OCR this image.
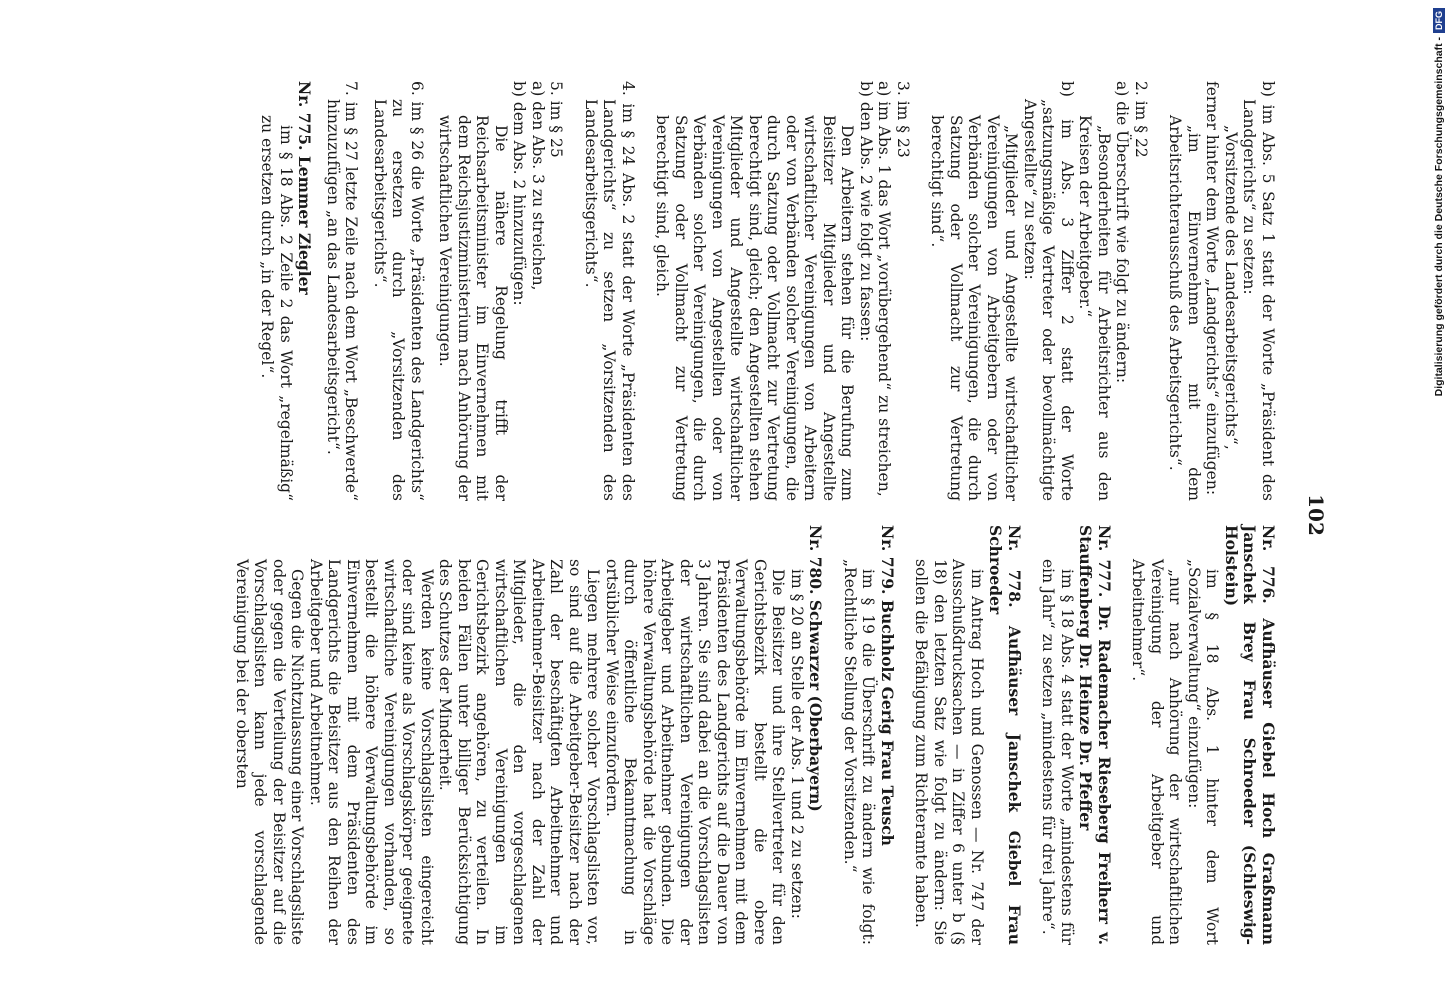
102

b) im Abs. 5 Satz 1 statt der Worte „Präsident des Landgerichts“ zu setzen:

„Vorsitzende des Landesarbeitsgerichts“,

ferner hinter dem Worte „Landgerichts“ einzufügen:

„im Einvernehmen mit dem Arbeitsrichterausschuß des Arbeitsgerichts“.

2. im § 22

a) die Überschrift wie folgt zu ändern:

„Besonderheiten für Arbeitsrichter aus den Kreisen der Arbeitgeber.“

b) im Abs. 3 Ziffer 2 statt der Worte „satzungsmäßige Vertreter oder bevollmächtigte Angestellte“ zu setzen:

„Mitglieder und Angestellte wirtschaftlicher Vereinigungen von Arbeitgebern oder von Verbänden solcher Vereinigungen, die durch Satzung oder Vollmacht zur Vertretung berechtigt sind“.

3. im § 23

a) im Abs. 1 das Wort „vorübergehend“ zu streichen,

b) den Abs. 2 wie folgt zu fassen:

Den Arbeitern stehen für die Berufung zum Beisitzer Mitglieder und Angestellte wirtschaftlicher Vereinigungen von Arbeitern oder von Verbänden solcher Vereinigungen, die durch Satzung oder Vollmacht zur Vertretung berechtigt sind, gleich; den Angestellten stehen Mitglieder und Angestellte wirtschaftlicher Vereinigungen von Angestellten oder von Verbänden solcher Vereinigungen, die durch Satzung oder Vollmacht zur Vertretung berechtigt sind, gleich.

4. im § 24 Abs. 2 statt der Worte „Präsidenten des Landgerichts“ zu setzen „Vorsitzenden des Landesarbeitsgerichts“.

5. im § 25

a) den Abs. 3 zu streichen,

b) dem Abs. 2 hinzuzufügen:

Die nähere Regelung trifft der Reichsarbeitsminister im Einvernehmen mit dem Reichsjustizministerium nach Anhörung der wirtschaftlichen Vereinigungen.

6. im § 26 die Worte „Präsidenten des Landgerichts“ zu ersetzen durch „Vorsitzenden des Landesarbeitsgerichts“.

7. im § 27 letzte Zeile nach dem Wort „Beschwerde“ hinzuzufügen „an das Landesarbeitsgericht“.

Nr. 775. Lemmer Ziegler

im § 18 Abs. 2 Zeile 2 das Wort „regelmäßig“ zu ersetzen durch „in der Regel“.

Nr. 776. Aufhäuser Giebel Hoch Graßmann Janschek Brey Frau Schroeder (Schleswig-Holstein)

im § 18 Abs. 1 hinter dem Wort „Sozialverwaltung“ einzufügen:

„nur nach Anhörung der wirtschaftlichen Vereinigung der Arbeitgeber und Arbeitnehmer“.

Nr. 777. Dr. Rademacher Rieseberg Freiherr v. Stauffenberg Dr. Heinze Dr. Pfeffer

im § 18 Abs. 4 statt der Worte „mindestens für ein Jahr“ zu setzen „mindestens für drei Jahre“.

Nr. 778. Aufhäuser Janschek Giebel Frau Schroeder

im Antrag Hoch und Genossen — Nr. 747 der Ausschußdrucksachen — in Ziffer 6 unter b (§ 18) den letzten Satz wie folgt zu ändern: Sie sollen die Befähigung zum Richteramte haben.

Nr. 779. Buchholz Gerig Frau Teusch

im § 19 die Überschrift zu ändern wie folgt: „Rechtliche Stellung der Vorsitzenden.“

Nr. 780. Schwarzer (Oberbayern)

im § 20 an Stelle der Abs. 1 und 2 zu setzen:

Die Beisitzer und ihre Stellvertreter für den Gerichtsbezirk bestellt die obere Verwaltungsbehörde im Einvernehmen mit dem Präsidenten des Landgerichts auf die Dauer von 3 Jahren. Sie sind dabei an die Vorschlagslisten der wirtschaftlichen Vereinigungen der Arbeitgeber und Arbeitnehmer gebunden. Die höhere Verwaltungsbehörde hat die Vorschläge durch öffentliche Bekanntmachung in ortsüblicher Weise einzufordern.

Liegen mehrere solcher Vorschlagslisten vor, so sind auf die Arbeitgeber-Beisitzer nach der Zahl der beschäftigten Arbeitnehmer und Arbeitnehmer-Beisitzer nach der Zahl der Mitglieder, die den vorgeschlagenen wirtschaftlichen Vereinigungen im Gerichtsbezirk angehören, zu verteilen. In beiden Fällen unter billiger Berücksichtigung des Schutzes der Minderheit.

Werden keine Vorschlagslisten eingereicht oder sind keine als Vorschlagskörper geeignete wirtschaftliche Vereinigungen vorhanden, so bestellt die höhere Verwaltungsbehörde im Einvernehmen mit dem Präsidenten des Landgerichts die Beisitzer aus den Reihen der Arbeitgeber und Arbeitnehmer.

Gegen die Nichtzulassung einer Vorschlagsliste oder gegen die Verteilung der Beisitzer auf die Vorschlagslisten kann jede vorschlagende Vereinigung bei der obersten

Digitalisierung gefördert durch die Deutsche Forschungsgemeinschaft -
DFG
